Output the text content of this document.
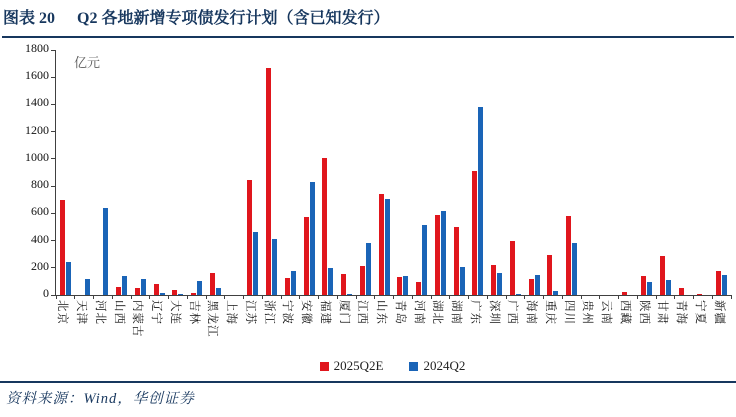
图表 20 Q2 各地新增专项债发行计划（含已知发行）
亿元
0
200
400
600
800
1000
1200
1400
1600
1800
北京 天津 河北 山西 内蒙古 辽宁 大连 吉林 黑龙江 上海 江苏 浙江 宁波 安徽 福建 厦门 江西 山东 青岛 河南 湖北 湖南 广东 深圳 广西 海南 重庆 四川 贵州 云南 西藏 陕西 甘肃 青海 宁夏 新疆
2025Q2E	2024Q2
资料来源：Wind，华创证券
